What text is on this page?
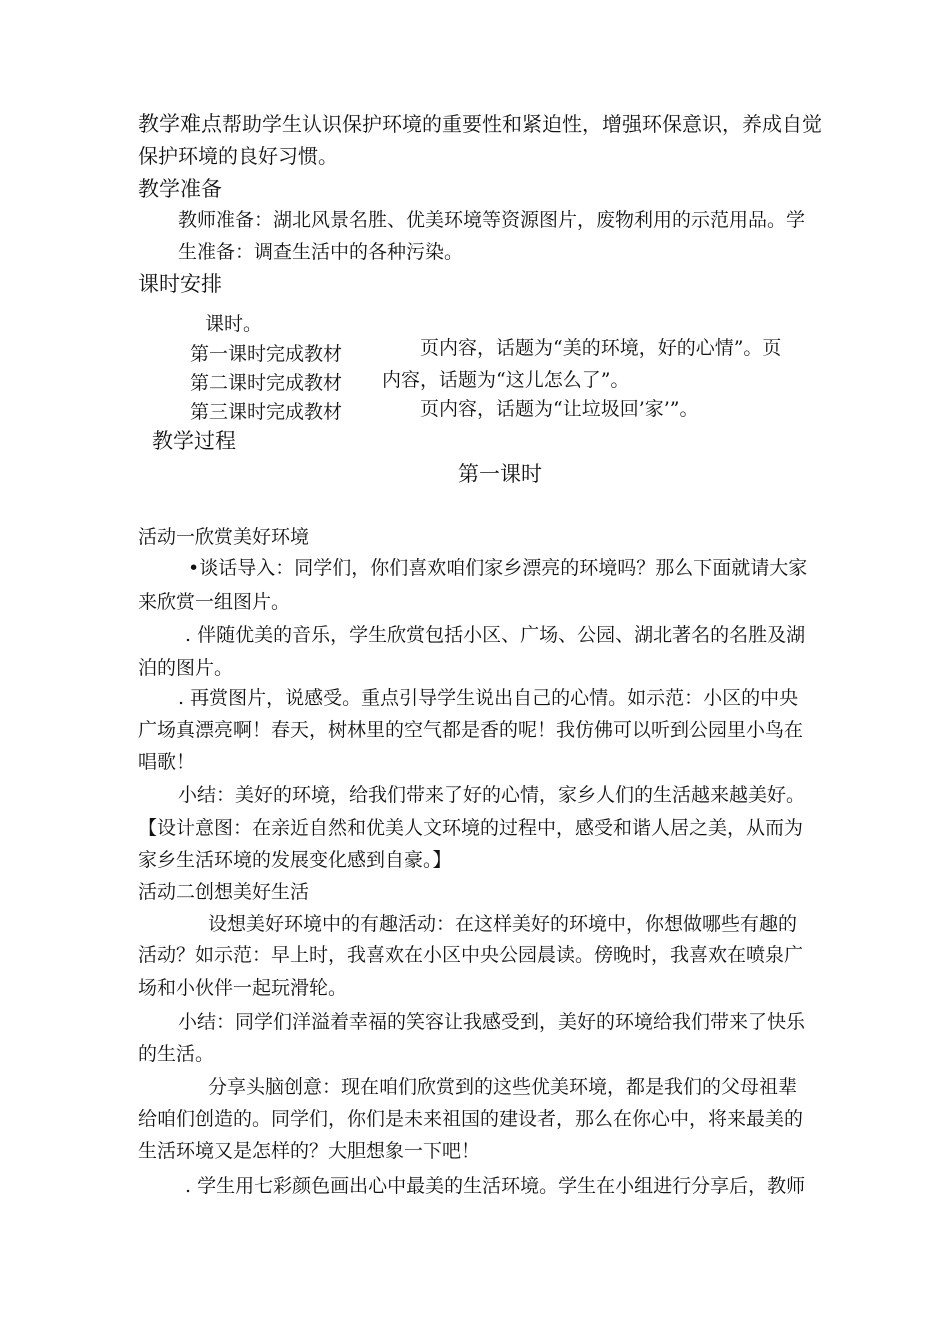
教学难点帮助学生认识保护环境的重要性和紧迫性，增强环保意识，养成自觉
保护环境的良好习惯。
教学准备
教师准备：湖北风景名胜、优美环境等资源图片，废物利用的示范用品。学
生准备：调查生活中的各种污染。
课时安排
课时。
第一课时完成教材	页内容，话题为“美的环境，好的心情”。页
第二课时完成教材 内容，话题为“这儿怎么了”。
第三课时完成教材	页内容，话题为“让垃圾回’家’”。
教学过程
第一课时
活动一欣赏美好环境
•谈话导入：同学们，你们喜欢咱们家乡漂亮的环境吗？那么下面就请大家
来欣赏一组图片。
. 伴随优美的音乐，学生欣赏包括小区、广场、公园、湖北著名的名胜及湖
泊的图片。
. 再赏图片，说感受。重点引导学生说出自己的心情。如示范：小区的中央
广场真漂亮啊！春天，树林里的空气都是香的呢！我仿佛可以听到公园里小鸟在
唱歌！
小结：美好的环境，给我们带来了好的心情，家乡人们的生活越来越美好。
【设计意图：在亲近自然和优美人文环境的过程中，感受和谐人居之美，从而为
家乡生活环境的发展变化感到自豪。】
活动二创想美好生活
设想美好环境中的有趣活动：在这样美好的环境中，你想做哪些有趣的
活动？如示范：早上时，我喜欢在小区中央公园晨读。傍晚时，我喜欢在喷泉广
场和小伙伴一起玩滑轮。
小结：同学们洋溢着幸福的笑容让我感受到，美好的环境给我们带来了快乐
的生活。
分享头脑创意：现在咱们欣赏到的这些优美环境，都是我们的父母祖辈
给咱们创造的。同学们，你们是未来祖国的建设者，那么在你心中，将来最美的
生活环境又是怎样的？大胆想象一下吧！
. 学生用七彩颜色画出心中最美的生活环境。学生在小组进行分享后，教师
